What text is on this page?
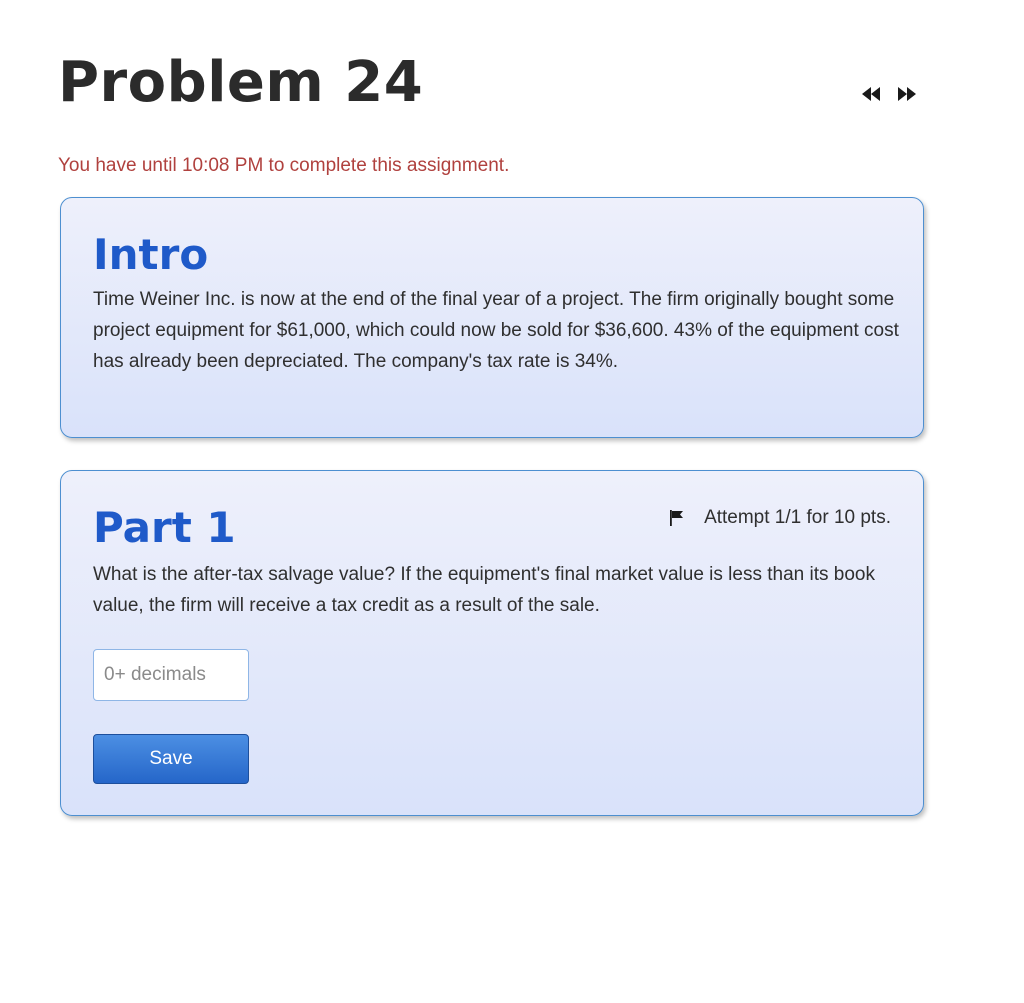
Problem 24
You have until 10:08 PM to complete this assignment.
Intro
Time Weiner Inc. is now at the end of the final year of a project. The firm originally bought some project equipment for $61,000, which could now be sold for $36,600. 43% of the equipment cost has already been depreciated. The company's tax rate is 34%.
Part 1	Attempt 1/1 for 10 pts.
What is the after-tax salvage value? If the equipment's final market value is less than its book value, the firm will receive a tax credit as a result of the sale.
0+ decimals
Save
